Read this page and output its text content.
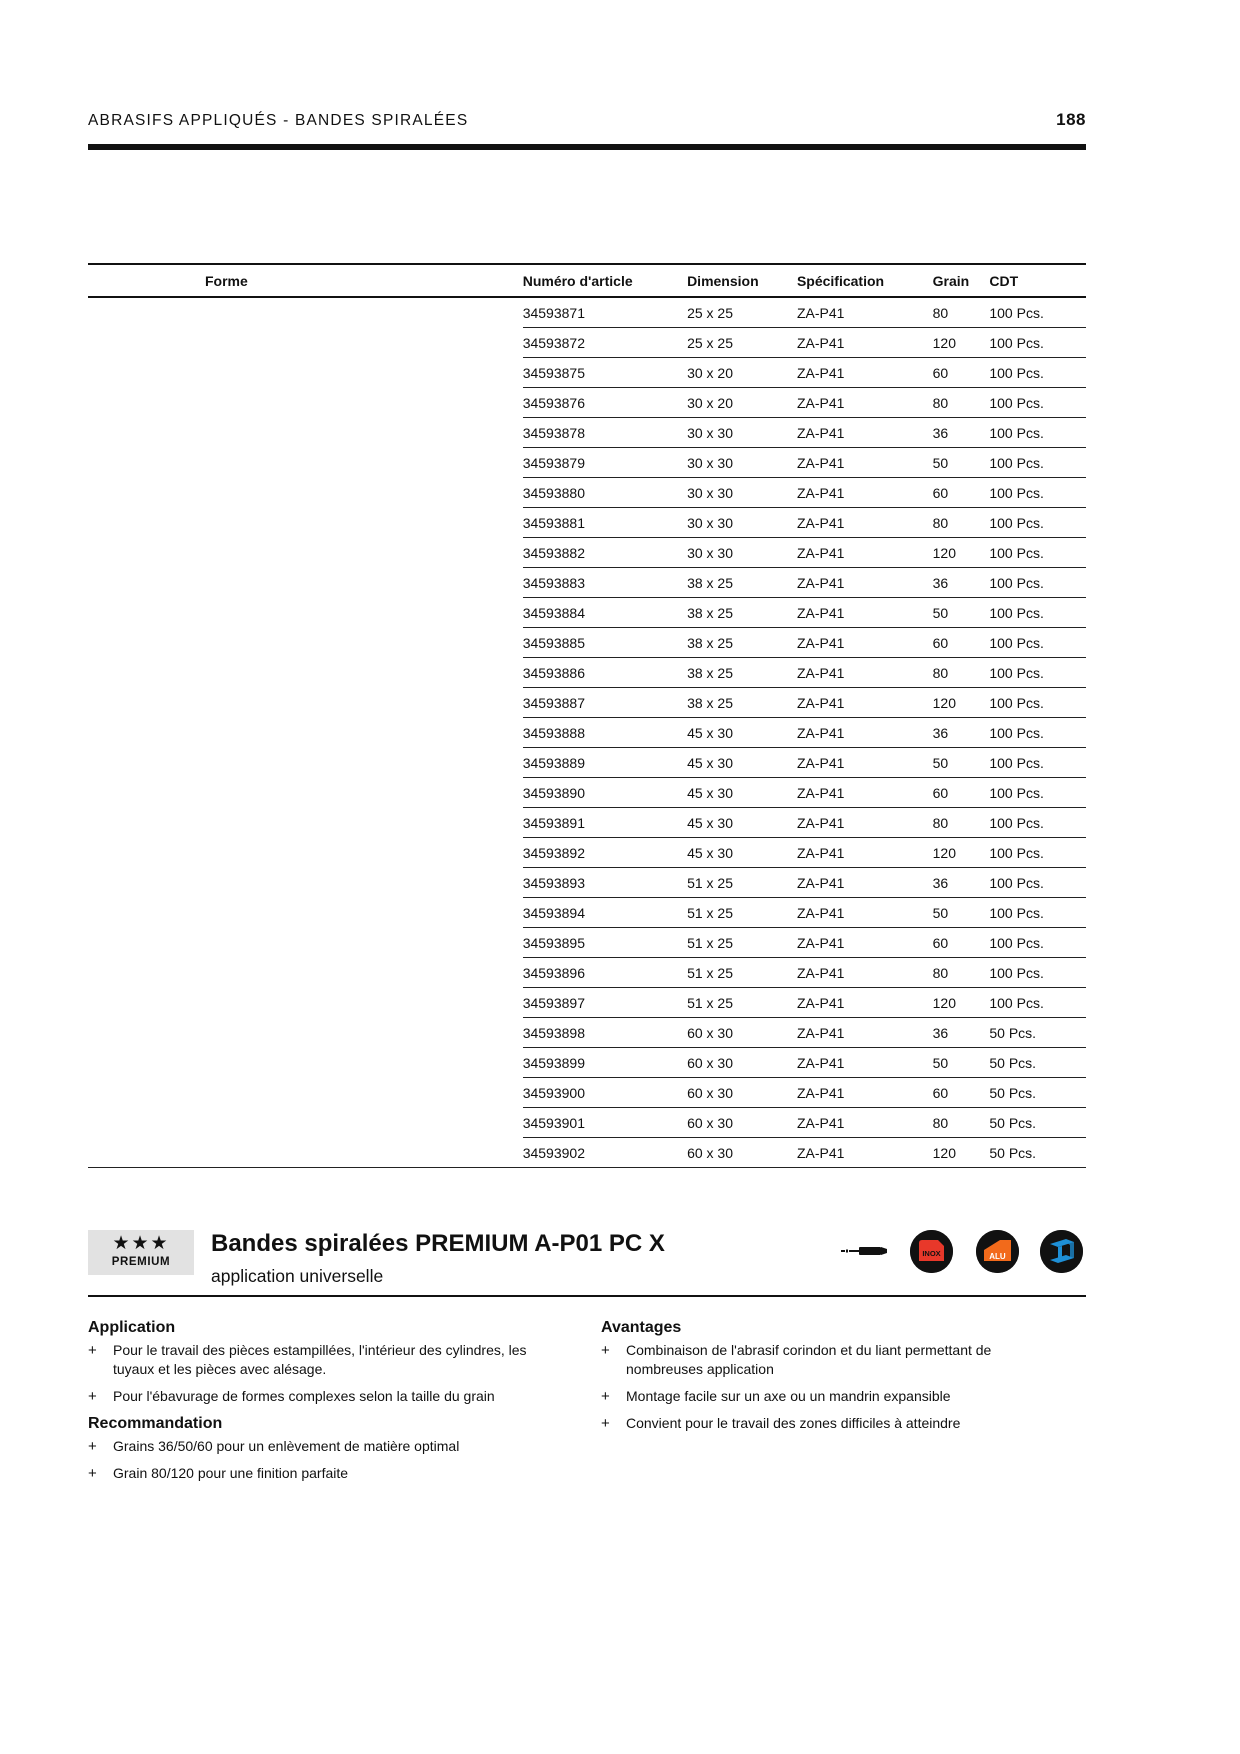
ABRASIFS APPLIQUÉS - BANDES SPIRALÉES	188
Forme	Numéro d'article	Dimension	Spécification	Grain	CDT
	34593871	25 x 25	ZA-P41	80	100 Pcs.
	34593872	25 x 25	ZA-P41	120	100 Pcs.
	34593875	30 x 20	ZA-P41	60	100 Pcs.
	34593876	30 x 20	ZA-P41	80	100 Pcs.
	34593878	30 x 30	ZA-P41	36	100 Pcs.
	34593879	30 x 30	ZA-P41	50	100 Pcs.
	34593880	30 x 30	ZA-P41	60	100 Pcs.
	34593881	30 x 30	ZA-P41	80	100 Pcs.
	34593882	30 x 30	ZA-P41	120	100 Pcs.
	34593883	38 x 25	ZA-P41	36	100 Pcs.
	34593884	38 x 25	ZA-P41	50	100 Pcs.
	34593885	38 x 25	ZA-P41	60	100 Pcs.
	34593886	38 x 25	ZA-P41	80	100 Pcs.
	34593887	38 x 25	ZA-P41	120	100 Pcs.
	34593888	45 x 30	ZA-P41	36	100 Pcs.
	34593889	45 x 30	ZA-P41	50	100 Pcs.
	34593890	45 x 30	ZA-P41	60	100 Pcs.
	34593891	45 x 30	ZA-P41	80	100 Pcs.
	34593892	45 x 30	ZA-P41	120	100 Pcs.
	34593893	51 x 25	ZA-P41	36	100 Pcs.
	34593894	51 x 25	ZA-P41	50	100 Pcs.
	34593895	51 x 25	ZA-P41	60	100 Pcs.
	34593896	51 x 25	ZA-P41	80	100 Pcs.
	34593897	51 x 25	ZA-P41	120	100 Pcs.
	34593898	60 x 30	ZA-P41	36	50 Pcs.
	34593899	60 x 30	ZA-P41	50	50 Pcs.
	34593900	60 x 30	ZA-P41	60	50 Pcs.
	34593901	60 x 30	ZA-P41	80	50 Pcs.
	34593902	60 x 30	ZA-P41	120	50 Pcs.
★★★
PREMIUM
Bandes spiralées PREMIUM A-P01 PC X
application universelle
INOX	ALU
Application
+ Pour le travail des pièces estampillées, l'intérieur des cylindres, les tuyaux et les pièces avec alésage.
+ Pour l'ébavurage de formes complexes selon la taille du grain
Recommandation
+ Grains 36/50/60 pour un enlèvement de matière optimal
+ Grain 80/120 pour une finition parfaite
Avantages
+ Combinaison de l'abrasif corindon et du liant permettant de nombreuses application
+ Montage facile sur un axe ou un mandrin expansible
+ Convient pour le travail des zones difficiles à atteindre
